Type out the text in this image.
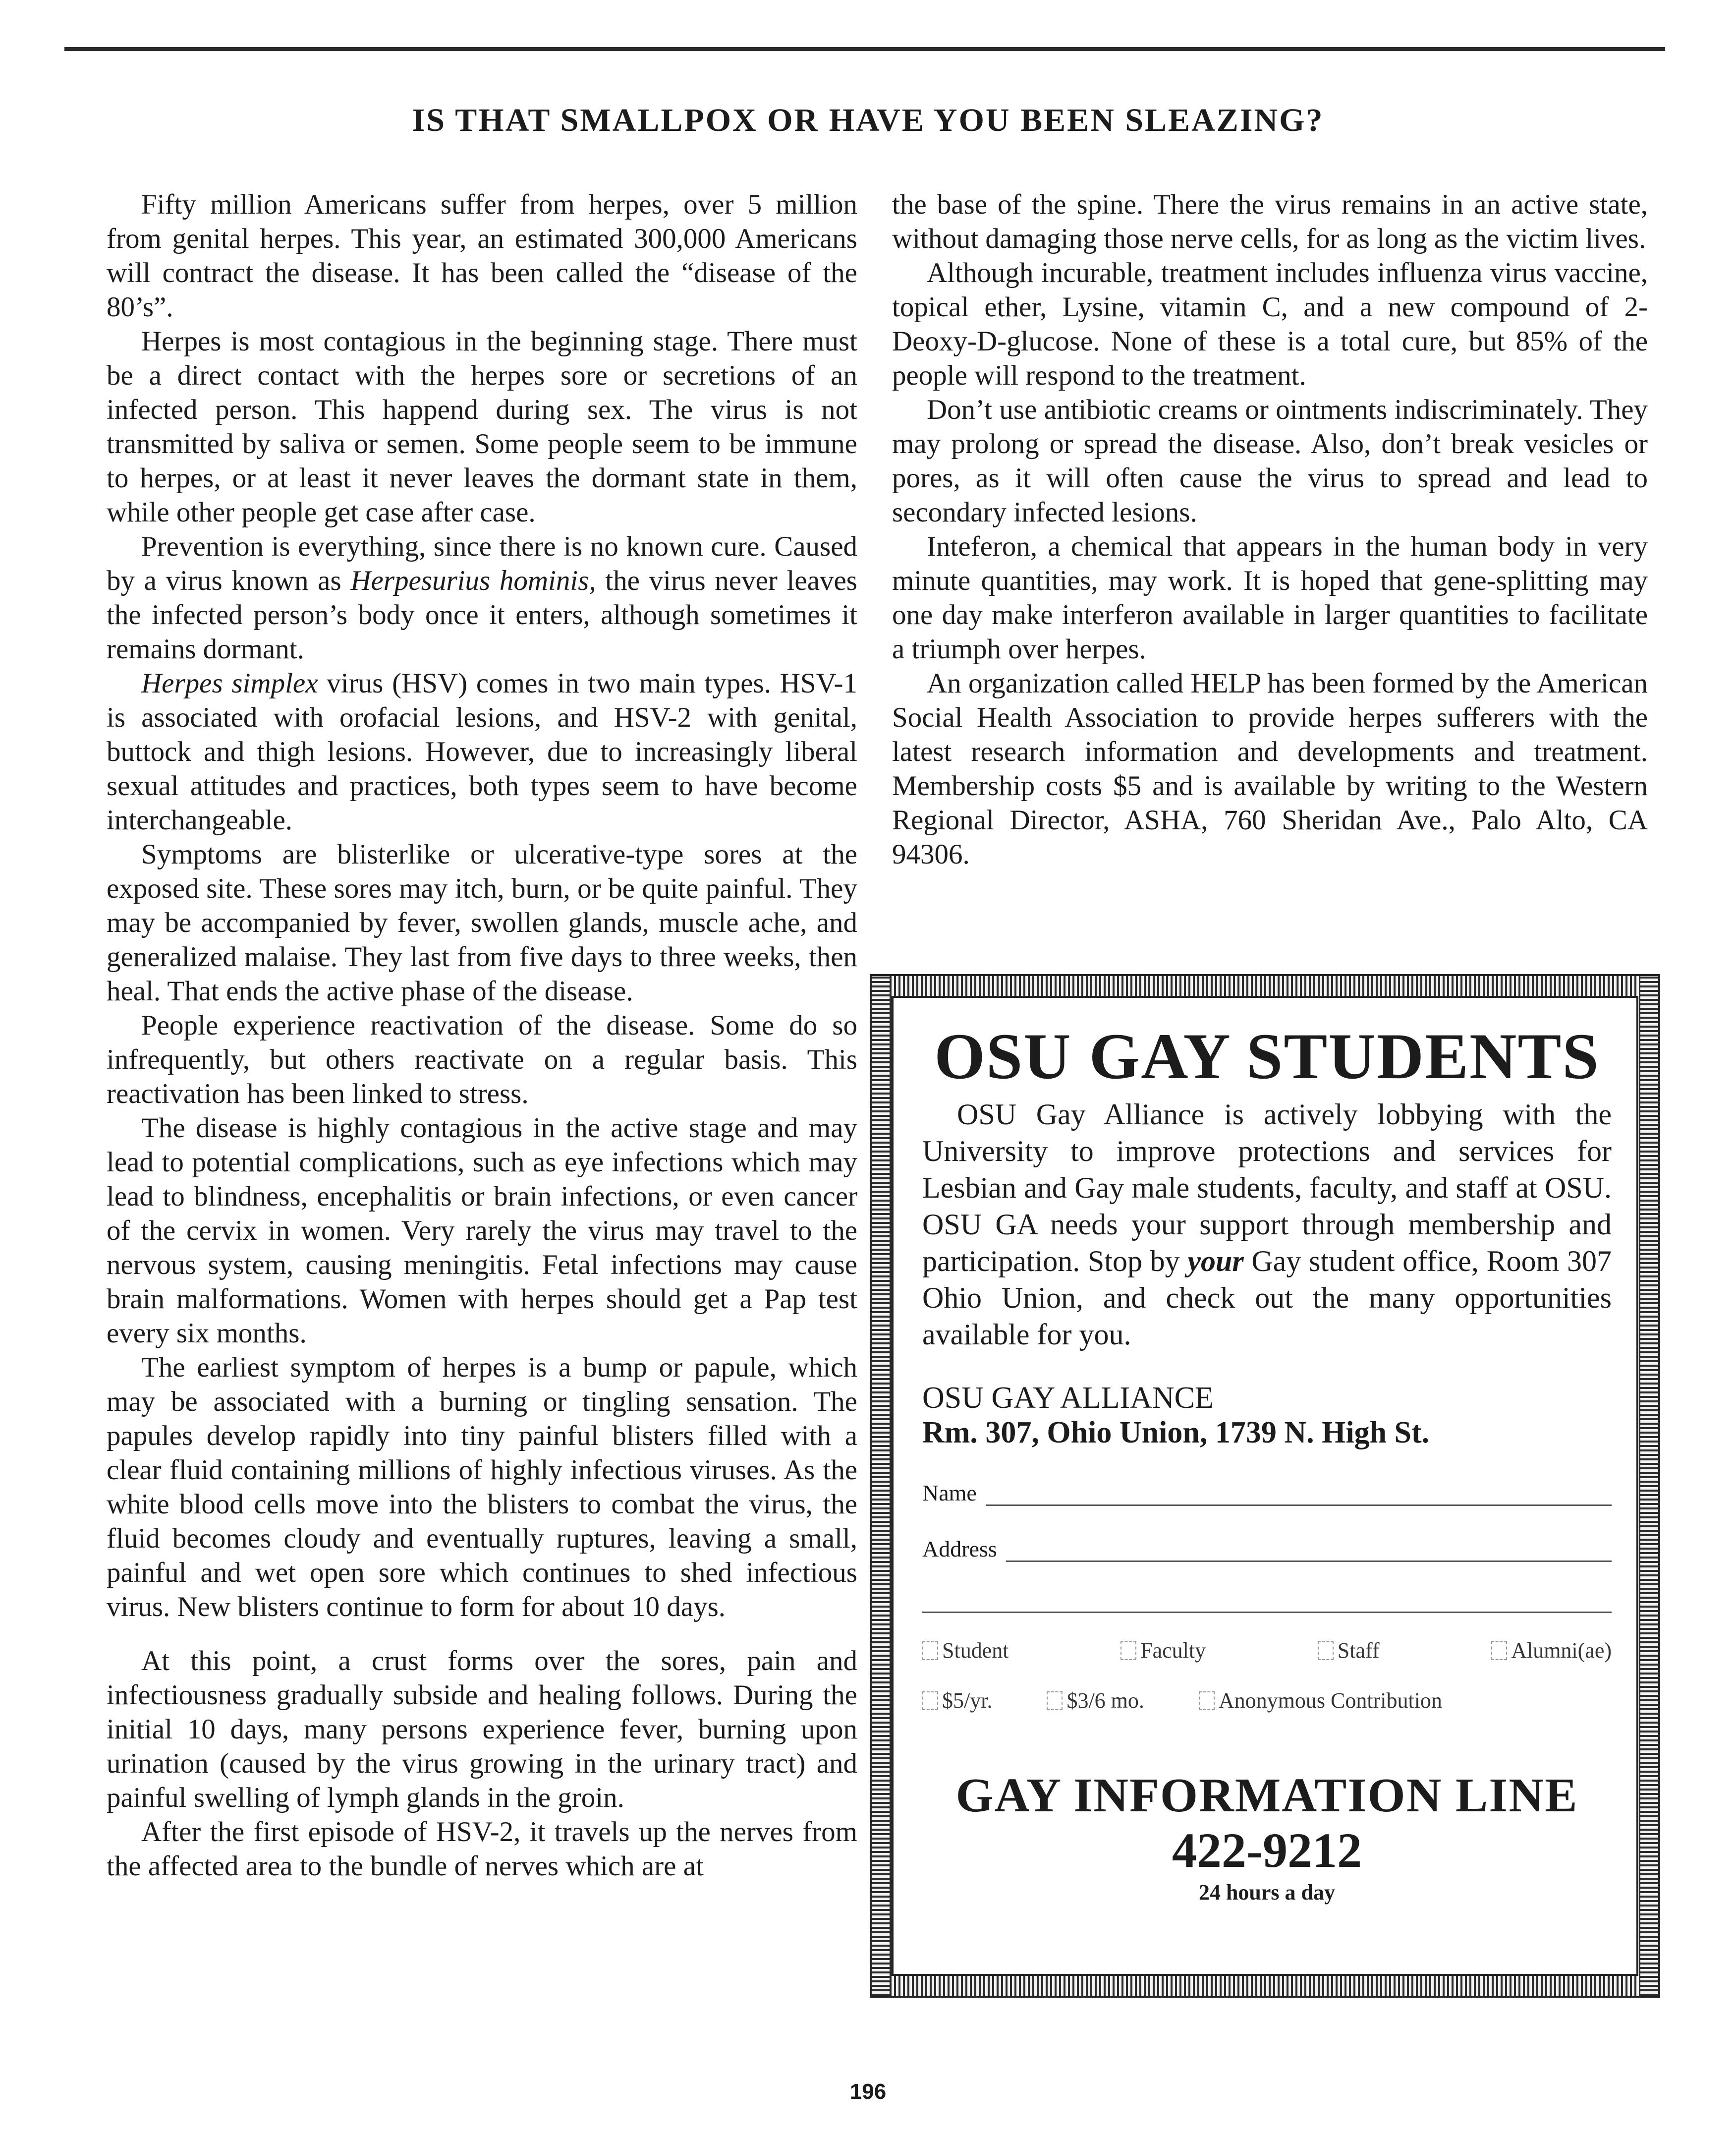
IS THAT SMALLPOX OR HAVE YOU BEEN SLEAZING?

Fifty million Americans suffer from herpes, over 5 million from genital herpes. This year, an estimated 300,000 Americans will contract the disease. It has been called the “disease of the 80’s”.

Herpes is most contagious in the beginning stage. There must be a direct contact with the herpes sore or secretions of an infected person. This happend during sex. The virus is not transmitted by saliva or semen. Some people seem to be immune to herpes, or at least it never leaves the dormant state in them, while other people get case after case.

Prevention is everything, since there is no known cure. Caused by a virus known as Herpesurius hominis, the virus never leaves the infected person’s body once it enters, although sometimes it remains dormant.

Herpes simplex virus (HSV) comes in two main types. HSV-1 is associated with orofacial lesions, and HSV-2 with genital, buttock and thigh lesions. However, due to increasingly liberal sexual attitudes and practices, both types seem to have become interchangeable.

Symptoms are blisterlike or ulcerative-type sores at the exposed site. These sores may itch, burn, or be quite painful. They may be accompanied by fever, swollen glands, muscle ache, and generalized malaise. They last from five days to three weeks, then heal. That ends the active phase of the disease.

People experience reactivation of the disease. Some do so infrequently, but others reactivate on a regular basis. This reactivation has been linked to stress.

The disease is highly contagious in the active stage and may lead to potential complications, such as eye infections which may lead to blindness, encephalitis or brain infections, or even cancer of the cervix in women. Very rarely the virus may travel to the nervous system, causing meningitis. Fetal infections may cause brain malformations. Women with herpes should get a Pap test every six months.

The earliest symptom of herpes is a bump or papule, which may be associated with a burning or tingling sensation. The papules develop rapidly into tiny painful blisters filled with a clear fluid containing millions of highly infectious viruses. As the white blood cells move into the blisters to combat the virus, the fluid becomes cloudy and eventually ruptures, leaving a small, painful and wet open sore which continues to shed infectious virus. New blisters continue to form for about 10 days.

At this point, a crust forms over the sores, pain and infectiousness gradually subside and healing follows. During the initial 10 days, many persons experience fever, burning upon urination (caused by the virus growing in the urinary tract) and painful swelling of lymph glands in the groin.

After the first episode of HSV-2, it travels up the nerves from the affected area to the bundle of nerves which are at

the base of the spine. There the virus remains in an active state, without damaging those nerve cells, for as long as the victim lives.

Although incurable, treatment includes influenza virus vaccine, topical ether, Lysine, vitamin C, and a new compound of 2-Deoxy-D-glucose. None of these is a total cure, but 85% of the people will respond to the treatment.

Don’t use antibiotic creams or ointments indiscriminately. They may prolong or spread the disease. Also, don’t break vesicles or pores, as it will often cause the virus to spread and lead to secondary infected lesions.

Inteferon, a chemical that appears in the human body in very minute quantities, may work. It is hoped that gene-splitting may one day make interferon available in larger quantities to facilitate a triumph over herpes.

An organization called HELP has been formed by the American Social Health Association to provide herpes sufferers with the latest research information and developments and treatment. Membership costs $5 and is available by writing to the Western Regional Director, ASHA, 760 Sheridan Ave., Palo Alto, CA 94306.

OSU GAY STUDENTS
OSU Gay Alliance is actively lobbying with the University to improve protections and services for Lesbian and Gay male students, faculty, and staff at OSU. OSU GA needs your support through membership and participation. Stop by your Gay student office, Room 307 Ohio Union, and check out the many opportunities available for you.
OSU GAY ALLIANCE
Rm. 307, Ohio Union, 1739 N. High St.
Name
Address
Student	Faculty	Staff	Alumni(ae)
$5/yr.	$3/6 mo.	Anonymous Contribution
GAY INFORMATION LINE
422-9212
24 hours a day
196
